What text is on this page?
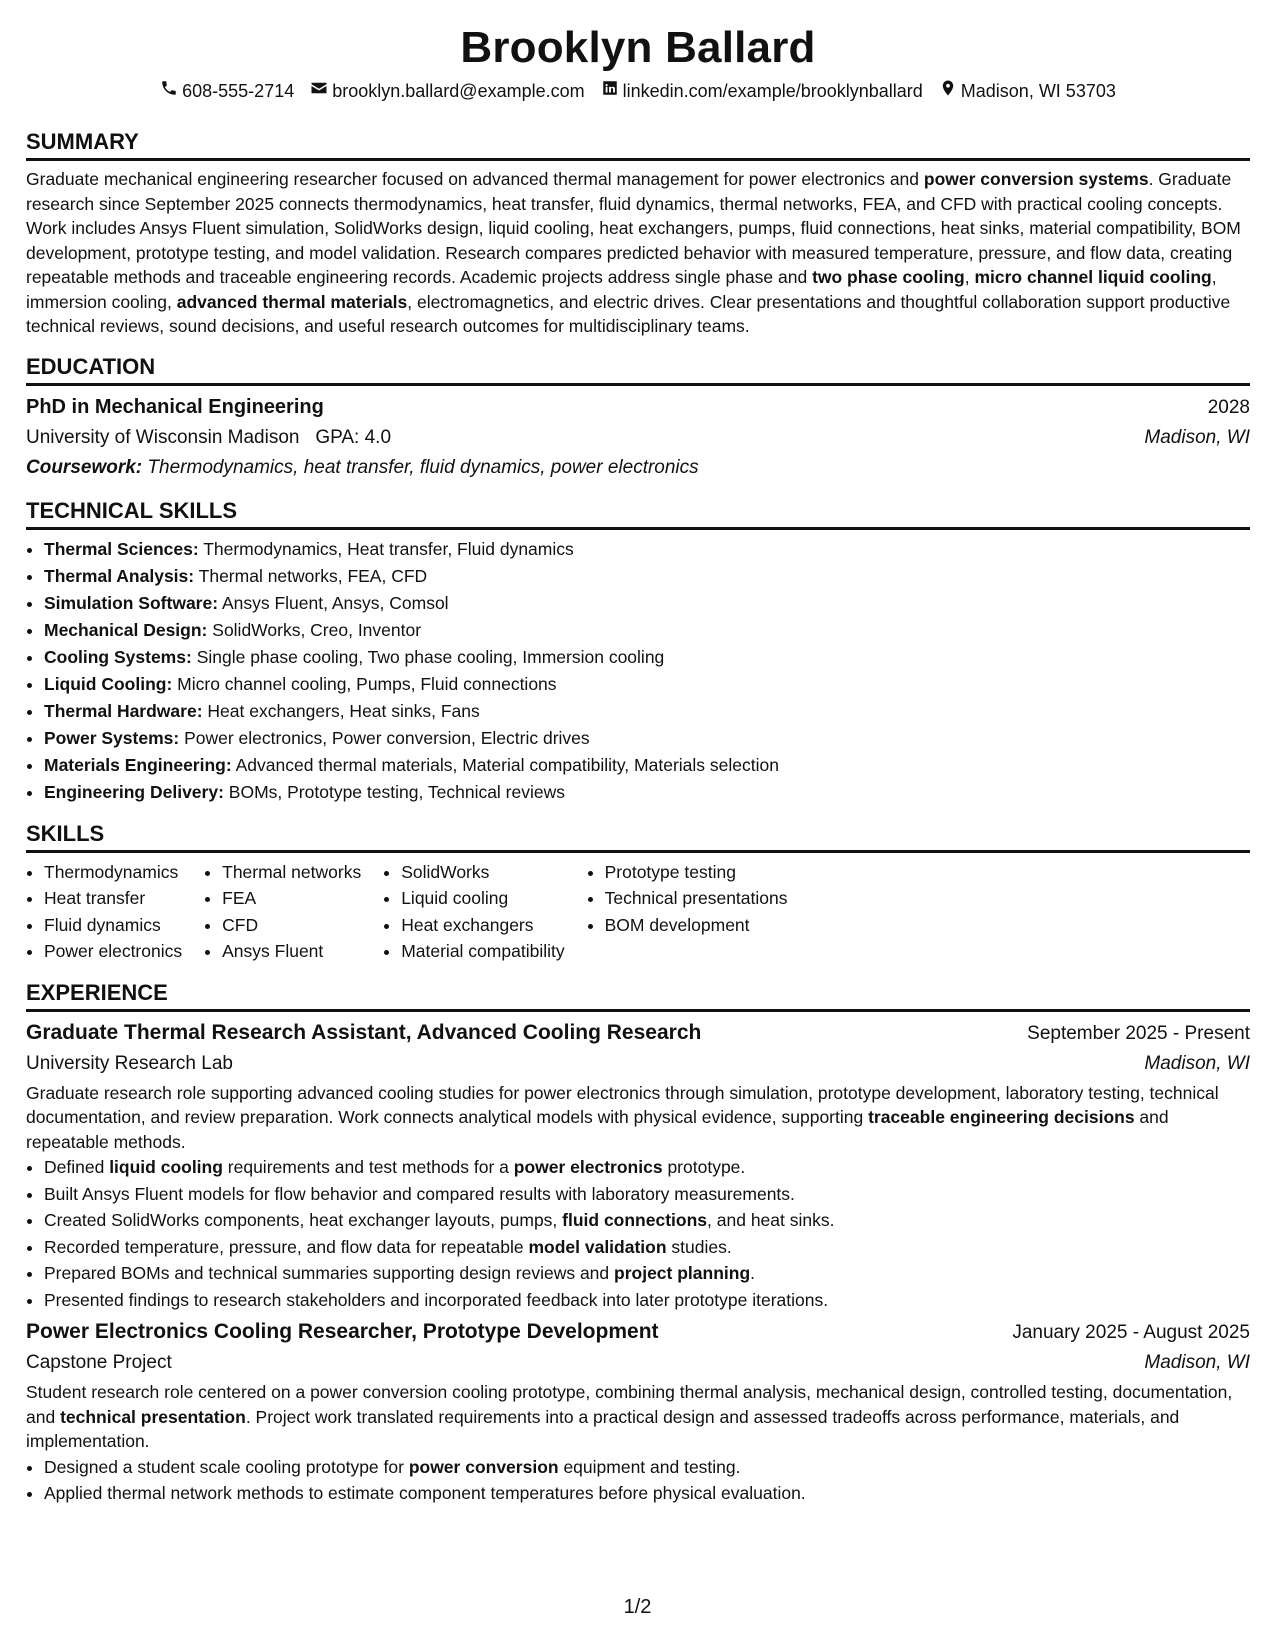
Brooklyn Ballard
608-555-2714 brooklyn.ballard@example.com linkedin.com/example/brooklynballard Madison, WI 53703
SUMMARY

Graduate mechanical engineering researcher focused on advanced thermal management for power electronics and power conversion systems. Graduate research since September 2025 connects thermodynamics, heat transfer, fluid dynamics, thermal networks, FEA, and CFD with practical cooling concepts. Work includes Ansys Fluent simulation, SolidWorks design, liquid cooling, heat exchangers, pumps, fluid connections, heat sinks, material compatibility, BOM development, prototype testing, and model validation. Research compares predicted behavior with measured temperature, pressure, and flow data, creating repeatable methods and traceable engineering records. Academic projects address single phase and two phase cooling, micro channel liquid cooling, immersion cooling, advanced thermal materials, electromagnetics, and electric drives. Clear presentations and thoughtful collaboration support productive technical reviews, sound decisions, and useful research outcomes for multidisciplinary teams.

EDUCATION
PhD in Mechanical Engineering	2028
University of Wisconsin Madison GPA: 4.0	Madison, WI
Coursework: Thermodynamics, heat transfer, fluid dynamics, power electronics
TECHNICAL SKILLS
• Thermal Sciences: Thermodynamics, Heat transfer, Fluid dynamics
• Thermal Analysis: Thermal networks, FEA, CFD
• Simulation Software: Ansys Fluent, Ansys, Comsol
• Mechanical Design: SolidWorks, Creo, Inventor
• Cooling Systems: Single phase cooling, Two phase cooling, Immersion cooling
• Liquid Cooling: Micro channel cooling, Pumps, Fluid connections
• Thermal Hardware: Heat exchangers, Heat sinks, Fans
• Power Systems: Power electronics, Power conversion, Electric drives
• Materials Engineering: Advanced thermal materials, Material compatibility, Materials selection
• Engineering Delivery: BOMs, Prototype testing, Technical reviews
SKILLS
• Thermodynamics
• Heat transfer
• Fluid dynamics
• Power electronics
• Thermal networks
• FEA
• CFD
• Ansys Fluent
• SolidWorks
• Liquid cooling
• Heat exchangers
• Material compatibility
• Prototype testing
• Technical presentations
• BOM development
EXPERIENCE
Graduate Thermal Research Assistant, Advanced Cooling Research	September 2025 - Present
University Research Lab	Madison, WI

Graduate research role supporting advanced cooling studies for power electronics through simulation, prototype development, laboratory testing, technical documentation, and review preparation. Work connects analytical models with physical evidence, supporting traceable engineering decisions and repeatable methods.

• Defined liquid cooling requirements and test methods for a power electronics prototype.
• Built Ansys Fluent models for flow behavior and compared results with laboratory measurements.
• Created SolidWorks components, heat exchanger layouts, pumps, fluid connections, and heat sinks.
• Recorded temperature, pressure, and flow data for repeatable model validation studies.
• Prepared BOMs and technical summaries supporting design reviews and project planning.
• Presented findings to research stakeholders and incorporated feedback into later prototype iterations.
Power Electronics Cooling Researcher, Prototype Development	January 2025 - August 2025
Capstone Project	Madison, WI

Student research role centered on a power conversion cooling prototype, combining thermal analysis, mechanical design, controlled testing, documentation, and technical presentation. Project work translated requirements into a practical design and assessed tradeoffs across performance, materials, and implementation.

• Designed a student scale cooling prototype for power conversion equipment and testing.
• Applied thermal network methods to estimate component temperatures before physical evaluation.
1/2
